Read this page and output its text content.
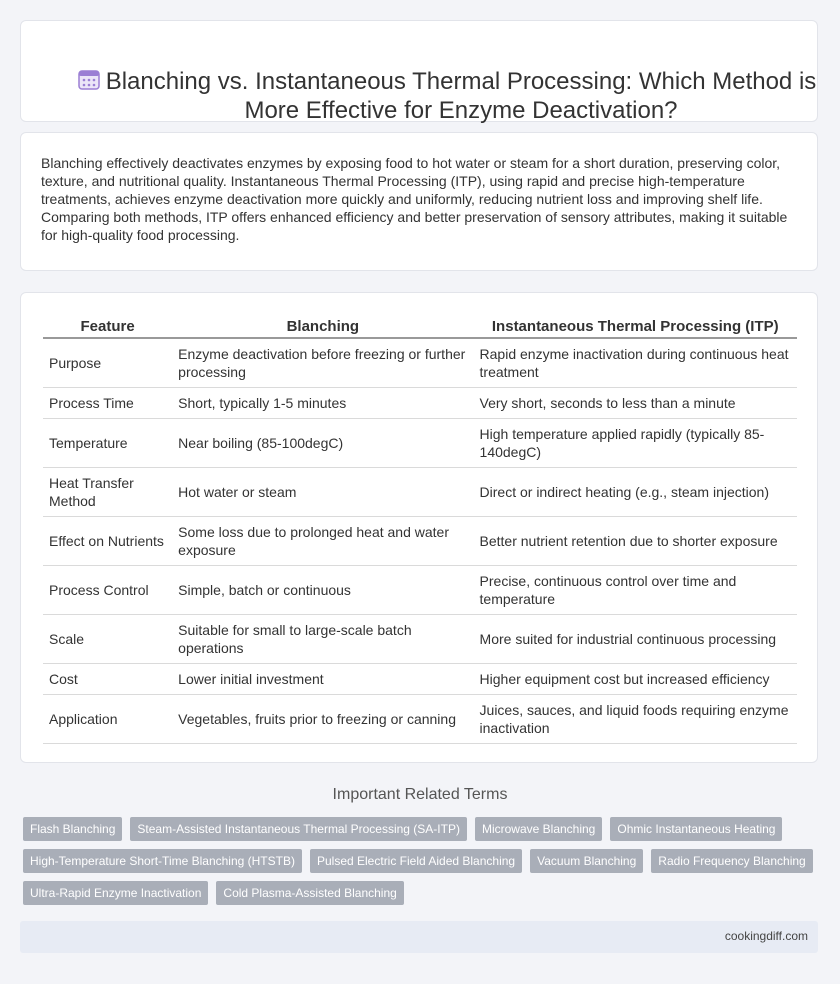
Blanching vs. Instantaneous Thermal Processing: Which Method is More Effective for Enzyme Deactivation?

Blanching effectively deactivates enzymes by exposing food to hot water or steam for a short duration, preserving color, texture, and nutritional quality. Instantaneous Thermal Processing (ITP), using rapid and precise high-temperature treatments, achieves enzyme deactivation more quickly and uniformly, reducing nutrient loss and improving shelf life. Comparing both methods, ITP offers enhanced efficiency and better preservation of sensory attributes, making it suitable for high-quality food processing.

Feature	Blanching	Instantaneous Thermal Processing (ITP)
Purpose	Enzyme deactivation before freezing or further processing	Rapid enzyme inactivation during continuous heat treatment
Process Time	Short, typically 1-5 minutes	Very short, seconds to less than a minute
Temperature	Near boiling (85-100degC)	High temperature applied rapidly (typically 85-140degC)
Heat Transfer Method	Hot water or steam	Direct or indirect heating (e.g., steam injection)
Effect on Nutrients	Some loss due to prolonged heat and water exposure	Better nutrient retention due to shorter exposure
Process Control	Simple, batch or continuous	Precise, continuous control over time and temperature
Scale	Suitable for small to large-scale batch operations	More suited for industrial continuous processing
Cost	Lower initial investment	Higher equipment cost but increased efficiency
Application	Vegetables, fruits prior to freezing or canning	Juices, sauces, and liquid foods requiring enzyme inactivation
Important Related Terms
Flash Blanching	Steam-Assisted Instantaneous Thermal Processing (SA-ITP)	Microwave Blanching	Ohmic Instantaneous Heating
High-Temperature Short-Time Blanching (HTSTB)	Pulsed Electric Field Aided Blanching	Vacuum Blanching	Radio Frequency Blanching
Ultra-Rapid Enzyme Inactivation	Cold Plasma-Assisted Blanching
cookingdiff.com
